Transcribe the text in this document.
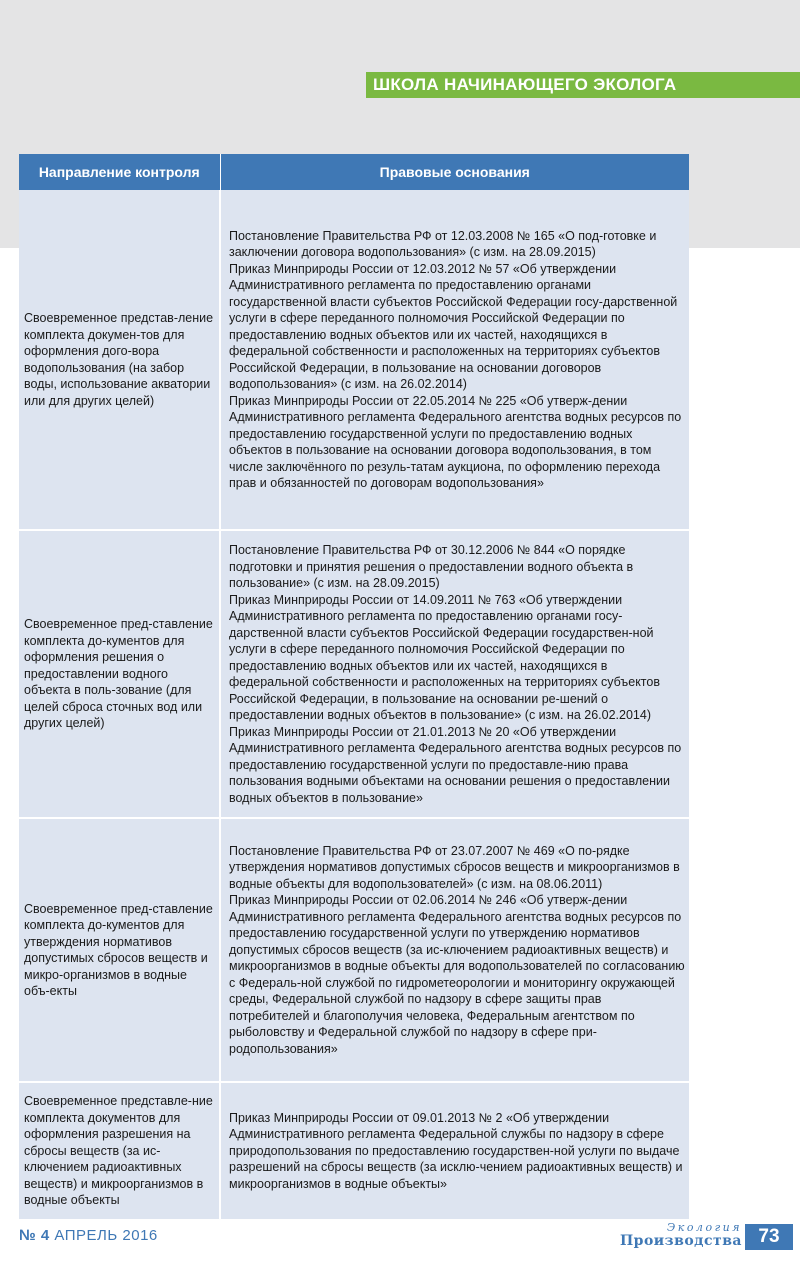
ШКОЛА НАЧИНАЮЩЕГО ЭКОЛОГА
Направление контроля	Правовые основания
Своевременное представ-ление комплекта докумен-тов для оформления дого-вора водопользования (на забор воды, использование акватории или для других целей)	Постановление Правительства РФ от 12.03.2008 № 165 «О под-готовке и заключении договора водопользования» (с изм. на 28.09.2015)

Приказ Минприроды России от 12.03.2012 № 57 «Об утверждении Административного регламента по предоставлению органами государственной власти субъектов Российской Федерации госу-дарственной услуги в сфере переданного полномочия Российской Федерации по предоставлению водных объектов или их частей, находящихся в федеральной собственности и расположенных на территориях субъектов Российской Федерации, в пользование на основании договоров водопользования» (с изм. на 26.02.2014)

Приказ Минприроды России от 22.05.2014 № 225 «Об утверж-дении Административного регламента Федерального агентства водных ресурсов по предоставлению государственной услуги по предоставлению водных объектов в пользование на основании договора водопользования, в том числе заключённого по резуль-татам аукциона, по оформлению перехода прав и обязанностей по договорам водопользования»

Своевременное пред-ставление комплекта до-кументов для оформления решения о предоставлении водного объекта в поль-зование (для целей сброса сточных вод или других целей)	Постановление Правительства РФ от 30.12.2006 № 844 «О порядке подготовки и принятия решения о предоставлении водного объекта в пользование» (с изм. на 28.09.2015)

Приказ Минприроды России от 14.09.2011 № 763 «Об утверждении Административного регламента по предоставлению органами госу-дарственной власти субъектов Российской Федерации государствен-ной услуги в сфере переданного полномочия Российской Федерации по предоставлению водных объектов или их частей, находящихся в федеральной собственности и расположенных на территориях субъектов Российской Федерации, в пользование на основании ре-шений о предоставлении водных объектов в пользование» (с изм. на 26.02.2014)

Приказ Минприроды России от 21.01.2013 № 20 «Об утверждении Административного регламента Федерального агентства водных ресурсов по предоставлению государственной услуги по предоставле-нию права пользования водными объектами на основании решения о предоставлении водных объектов в пользование»

Своевременное пред-ставление комплекта до-кументов для утверждения нормативов допустимых сбросов веществ и микро-организмов в водные объ-екты	Постановление Правительства РФ от 23.07.2007 № 469 «О по-рядке утверждения нормативов допустимых сбросов веществ и микроорганизмов в водные объекты для водопользователей» (с изм. на 08.06.2011)

Приказ Минприроды России от 02.06.2014 № 246 «Об утверж-дении Административного регламента Федерального агентства водных ресурсов по предоставлению государственной услуги по утверждению нормативов допустимых сбросов веществ (за ис-ключением радиоактивных веществ) и микроорганизмов в водные объекты для водопользователей по согласованию с Федераль-ной службой по гидрометеорологии и мониторингу окружающей среды, Федеральной службой по надзору в сфере защиты прав потребителей и благополучия человека, Федеральным агентством по рыболовству и Федеральной службой по надзору в сфере при-родопользования»

Своевременное представле-ние комплекта документов для оформления разрешения на сбросы веществ (за ис-ключением радиоактивных веществ) и микроорганизмов в водные объекты	Приказ Минприроды России от 09.01.2013 № 2 «Об утверждении Административного регламента Федеральной службы по надзору в сфере природопользования по предоставлению государствен-ной услуги по выдаче разрешений на сбросы веществ (за исклю-чением радиоактивных веществ) и микроорганизмов в водные объекты»

№ 4 АПРЕЛЬ 2016	Экология
Производства 73
